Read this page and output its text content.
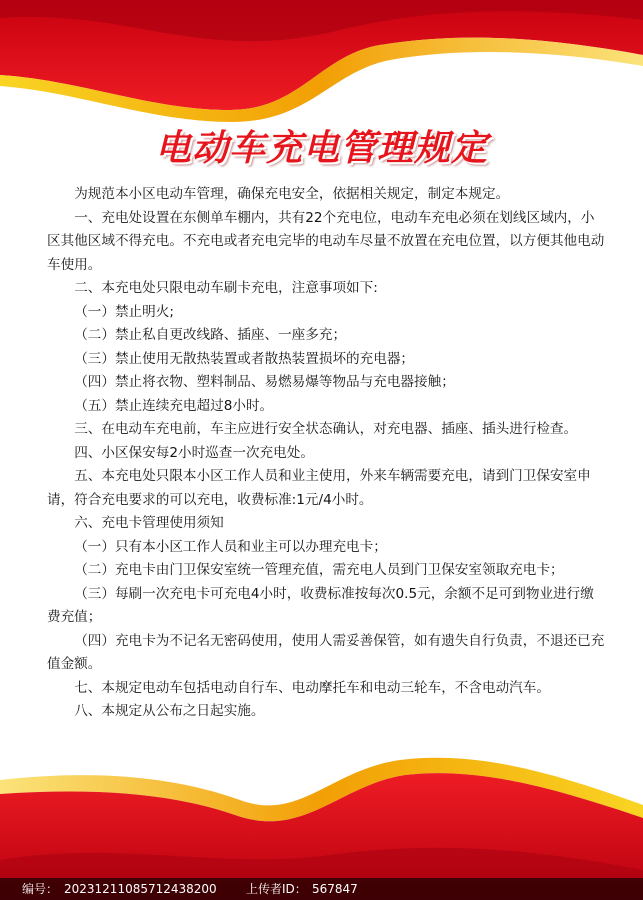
电动车充电管理规定

为规范本小区电动车管理，确保充电安全，依据相关规定，制定本规定。

一、充电处设置在东侧单车棚内，共有22个充电位，电动车充电必须在划线区域内，小区其他区域不得充电。不充电或者充电完毕的电动车尽量不放置在充电位置，以方便其他电动车使用。

二、本充电处只限电动车刷卡充电，注意事项如下:

（一）禁止明火;

（二）禁止私自更改线路、插座、一座多充；

（三）禁止使用无散热装置或者散热装置损坏的充电器；

（四）禁止将衣物、塑料制品、易燃易爆等物品与充电器接触；

（五）禁止连续充电超过8小时。

三、在电动车充电前，车主应进行安全状态确认，对充电器、插座、插头进行检查。

四、小区保安每2小时巡查一次充电处。

五、本充电处只限本小区工作人员和业主使用，外来车辆需要充电，请到门卫保安室申请，符合充电要求的可以充电，收费标准:1元/4小时。

六、充电卡管理使用须知

（一）只有本小区工作人员和业主可以办理充电卡；

（二）充电卡由门卫保安室统一管理充值，需充电人员到门卫保安室领取充电卡；

（三）每刷一次充电卡可充电4小时，收费标准按每次0.5元，余额不足可到物业进行缴费充值；

（四）充电卡为不记名无密码使用，使用人需妥善保管，如有遗失自行负责，不退还已充值金额。

七、本规定电动车包括电动自行车、电动摩托车和电动三轮车，不含电动汽车。

八、本规定从公布之日起实施。

编号： 20231211085712438200 上传者ID： 567847
